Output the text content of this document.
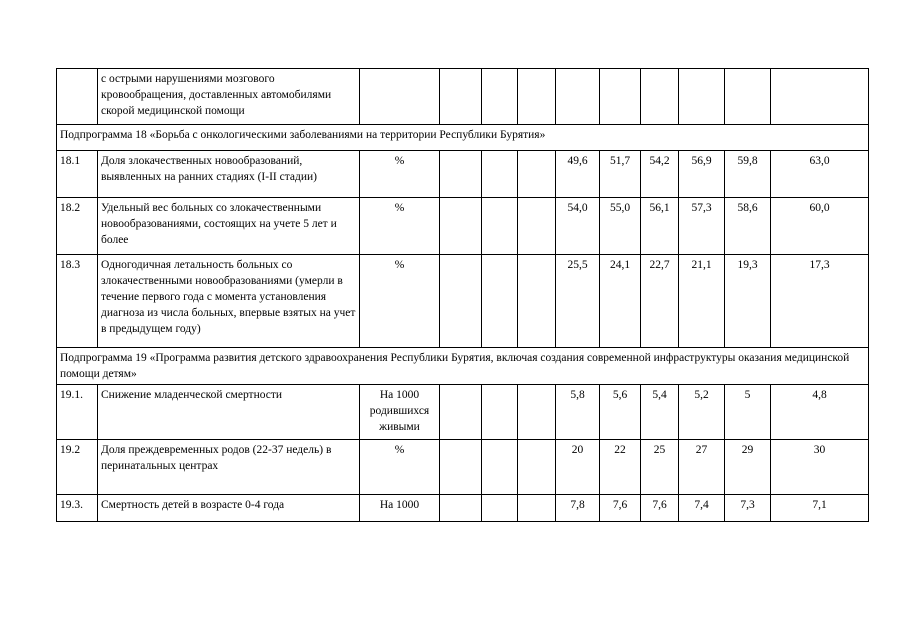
	с острыми нарушениями мозгового кровообращения, доставленных автомобилями скорой медицинской помощи										
Подпрограмма 18 «Борьба с онкологическими заболеваниями на территории Республики Бурятия»											
18.1	Доля злокачественных новообразований, выявленных на ранних стадиях (I-II стадии)	%				49,6	51,7	54,2	56,9	59,8	63,0
18.2	Удельный вес больных со злокачественными новообразованиями, состоящих на учете 5 лет и более	%				54,0	55,0	56,1	57,3	58,6	60,0
18.3	Одногодичная летальность больных со злокачественными новообразованиями (умерли в течение первого года с момента установления диагноза из числа больных, впервые взятых на учет в предыдущем году)	%				25,5	24,1	22,7	21,1	19,3	17,3
Подпрограмма 19 «Программа развития детского здравоохранения Республики Бурятия, включая создания современной инфраструктуры оказания медицинской помощи детям»											
19.1.	Снижение младенческой смертности	На 1000 родившихся живыми				5,8	5,6	5,4	5,2	5	4,8
19.2	Доля преждевременных родов (22-37 недель) в перинатальных центрах	%				20	22	25	27	29	30
19.3.	Смертность детей в возрасте 0-4 года	На 1000				7,8	7,6	7,6	7,4	7,3	7,1
